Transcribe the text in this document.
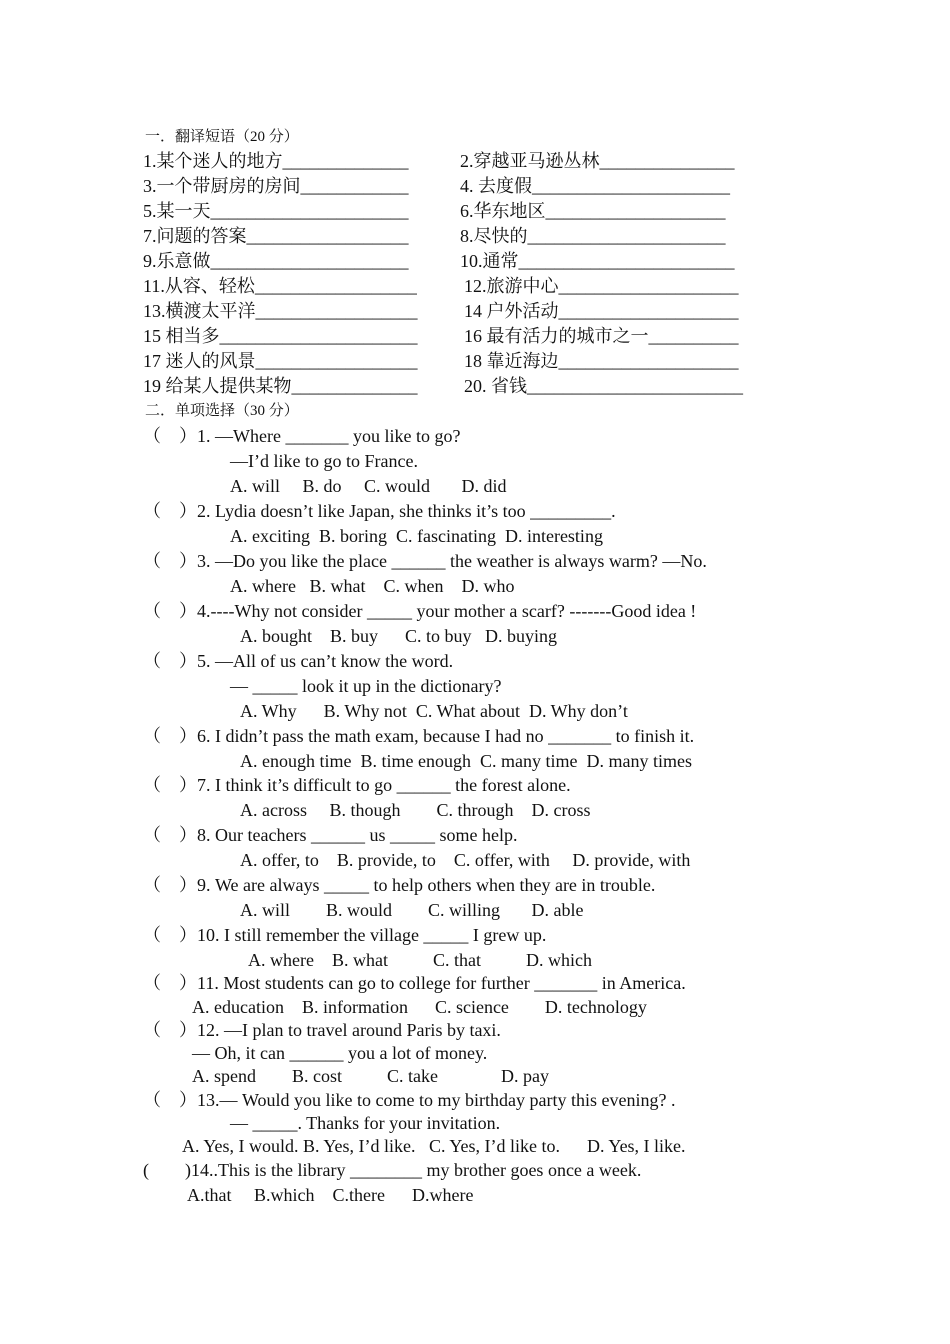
一．翻译短语（20 分）
1.某个迷人的地方______________	2.穿越亚马逊丛林_______________
3.一个带厨房的房间____________	4. 去度假______________________
5.某一天______________________	6.华东地区____________________
7.问题的答案__________________	8.尽快的______________________
9.乐意做______________________	10.通常________________________
11.从容、轻松__________________	12.旅游中心____________________
13.横渡太平洋__________________	14 户外活动____________________
15 相当多______________________	16 最有活力的城市之一__________
17 迷人的风景__________________	18 靠近海边____________________
19 给某人提供某物______________	20. 省钱________________________
二．单项选择（30 分）
（　）1. —Where _______ you like to go?
—I’d like to go to France.
A. will     B. do     C. would       D. did
（　）2. Lydia doesn’t like Japan, she thinks it’s too _________.
A. exciting  B. boring  C. fascinating  D. interesting
（　）3. —Do you like the place ______ the weather is always warm? —No.
A. where   B. what    C. when    D. who
（　）4.----Why not consider _____ your mother a scarf? -------Good idea !
A. bought    B. buy      C. to buy   D. buying
（　）5. —All of us can’t know the word.
— _____ look it up in the dictionary?
A. Why      B. Why not  C. What about  D. Why don’t
（　）6. I didn’t pass the math exam, because I had no _______ to finish it.
A. enough time  B. time enough  C. many time  D. many times
（　）7. I think it’s difficult to go ______ the forest alone.
A. across     B. though        C. through    D. cross
（　）8. Our teachers ______ us _____ some help.
A. offer, to    B. provide, to    C. offer, with     D. provide, with
（　）9. We are always _____ to help others when they are in trouble.
A. will        B. would        C. willing       D. able
（　）10. I still remember the village _____ I grew up.
A. where    B. what          C. that          D. which
（　）11. Most students can go to college for further _______ in America.
A. education    B. information      C. science        D. technology
（　）12. —I plan to travel around Paris by taxi.
— Oh, it can ______ you a lot of money.
A. spend        B. cost          C. take              D. pay
（　）13.— Would you like to come to my birthday party this evening? .
— _____. Thanks for your invitation.
A. Yes, I would. B. Yes, I’d like.   C. Yes, I’d like to.      D. Yes, I like.
(        )14..This is the library ________ my brother goes once a week.
A.that     B.which    C.there      D.where
